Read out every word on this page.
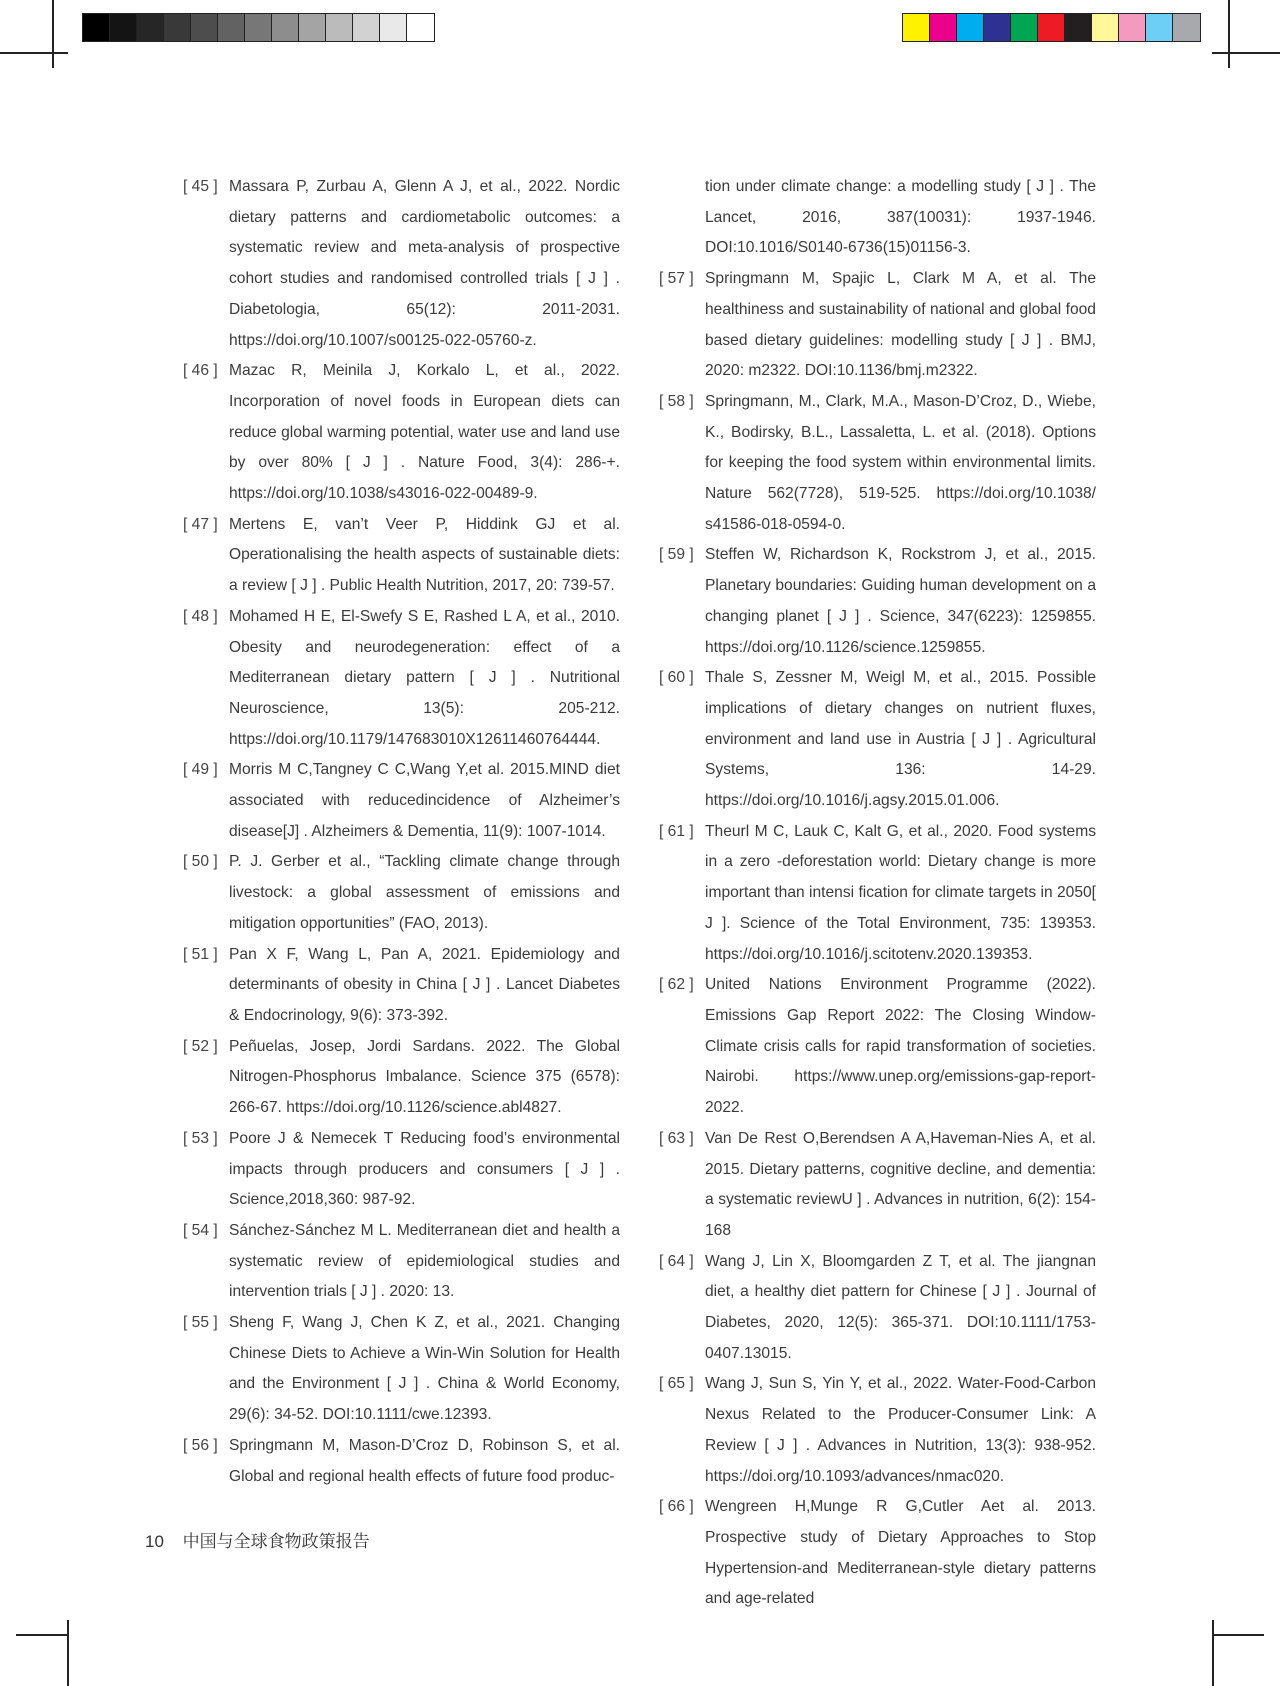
[ 45 ] Massara P, Zurbau A, Glenn A J, et al., 2022. Nordic dietary patterns and cardiometabolic outcomes: a systematic review and meta-analysis of prospective cohort studies and randomised controlled trials [ J ] . Diabetologia, 65(12): 2011-2031. https://doi.org/10.1007/s00125-022-05760-z.
[ 46 ] Mazac R, Meinila J, Korkalo L, et al., 2022. Incorporation of novel foods in European diets can reduce global warming potential, water use and land use by over 80% [ J ] . Nature Food, 3(4): 286-+. https://doi.org/10.1038/s43016-022-00489-9.
[ 47 ] Mertens E, van’t Veer P, Hiddink GJ et al. Operationalising the health aspects of sustainable diets: a review [ J ] . Public Health Nutrition, 2017, 20: 739-57.
[ 48 ] Mohamed H E, El-Swefy S E, Rashed L A, et al., 2010. Obesity and neurodegeneration: effect of a Mediterranean dietary pattern [ J ] . Nutritional Neuroscience, 13(5): 205-212. https://doi.org/10.1179/147683010X12611460764444.
[ 49 ] Morris M C,Tangney C C,Wang Y,et al. 2015.MIND diet associated with reducedincidence of Alzheimer’s disease[J] . Alzheimers & Dementia, 11(9): 1007-1014.
[ 50 ] P. J. Gerber et al., “Tackling climate change through livestock: a global assessment of emissions and mitigation opportunities” (FAO, 2013).
[ 51 ] Pan X F, Wang L, Pan A, 2021. Epidemiology and determinants of obesity in China [ J ] . Lancet Diabetes & Endocrinology, 9(6): 373-392.
[ 52 ] Peñuelas, Josep, Jordi Sardans. 2022. The Global Nitrogen-Phosphorus Imbalance. Science 375 (6578): 266-67. https://doi.org/10.1126/science.abl4827.
[ 53 ] Poore J & Nemecek T Reducing food’s environmental impacts through producers and consumers [ J ] . Science,2018,360: 987-92.
[ 54 ] Sánchez-Sánchez M L. Mediterranean diet and health a systematic review of epidemiological studies and intervention trials [ J ] . 2020: 13.
[ 55 ] Sheng F, Wang J, Chen K Z, et al., 2021. Changing Chinese Diets to Achieve a Win-Win Solution for Health and the Environment [ J ] . China & World Economy, 29(6): 34-52. DOI:10.1111/cwe.12393.
[ 56 ] Springmann M, Mason-D’Croz D, Robinson S, et al. Global and regional health effects of future food produc-
tion under climate change: a modelling study [ J ] . The Lancet, 2016, 387(10031): 1937-1946. DOI:10.1016/S0140-6736(15)01156-3.
[ 57 ] Springmann M, Spajic L, Clark M A, et al. The healthiness and sustainability of national and global food based dietary guidelines: modelling study [ J ] . BMJ, 2020: m2322. DOI:10.1136/bmj.m2322.
[ 58 ] Springmann, M., Clark, M.A., Mason-D’Croz, D., Wiebe, K., Bodirsky, B.L., Lassaletta, L. et al. (2018). Options for keeping the food system within environmental limits. Nature 562(7728), 519-525. https://doi.org/10.1038/ s41586-018-0594-0.
[ 59 ] Steffen W, Richardson K, Rockstrom J, et al., 2015. Planetary boundaries: Guiding human development on a changing planet [ J ] . Science, 347(6223): 1259855. https://doi.org/10.1126/science.1259855.
[ 60 ] Thale S, Zessner M, Weigl M, et al., 2015. Possible implications of dietary changes on nutrient fluxes, environment and land use in Austria [ J ] . Agricultural Systems, 136: 14-29. https://doi.org/10.1016/j.agsy.2015.01.006.
[ 61 ] Theurl M C, Lauk C, Kalt G, et al., 2020. Food systems in a zero -deforestation world: Dietary change is more important than intensi fication for climate targets in 2050[ J ]. Science of the Total Environment, 735: 139353. https://doi.org/10.1016/j.scitotenv.2020.139353.
[ 62 ] United Nations Environment Programme (2022). Emissions Gap Report 2022: The Closing Window-Climate crisis calls for rapid transformation of societies. Nairobi. https://www.unep.org/emissions-gap-report-2022.
[ 63 ] Van De Rest O,Berendsen A A,Haveman-Nies A, et al. 2015. Dietary patterns, cognitive decline, and dementia: a systematic reviewU ] . Advances in nutrition, 6(2): 154-168
[ 64 ] Wang J, Lin X, Bloomgarden Z T, et al. The jiangnan diet, a healthy diet pattern for Chinese [ J ] . Journal of Diabetes, 2020, 12(5): 365-371. DOI:10.1111/1753-0407.13015.
[ 65 ] Wang J, Sun S, Yin Y, et al., 2022. Water-Food-Carbon Nexus Related to the Producer-Consumer Link: A Review [ J ] . Advances in Nutrition, 13(3): 938-952. https://doi.org/10.1093/advances/nmac020.
[ 66 ] Wengreen H,Munge R G,Cutler Aet al. 2013. Prospective study of Dietary Approaches to Stop Hypertension-and Mediterranean-style dietary patterns and age-related
10 中国与全球食物政策报告
